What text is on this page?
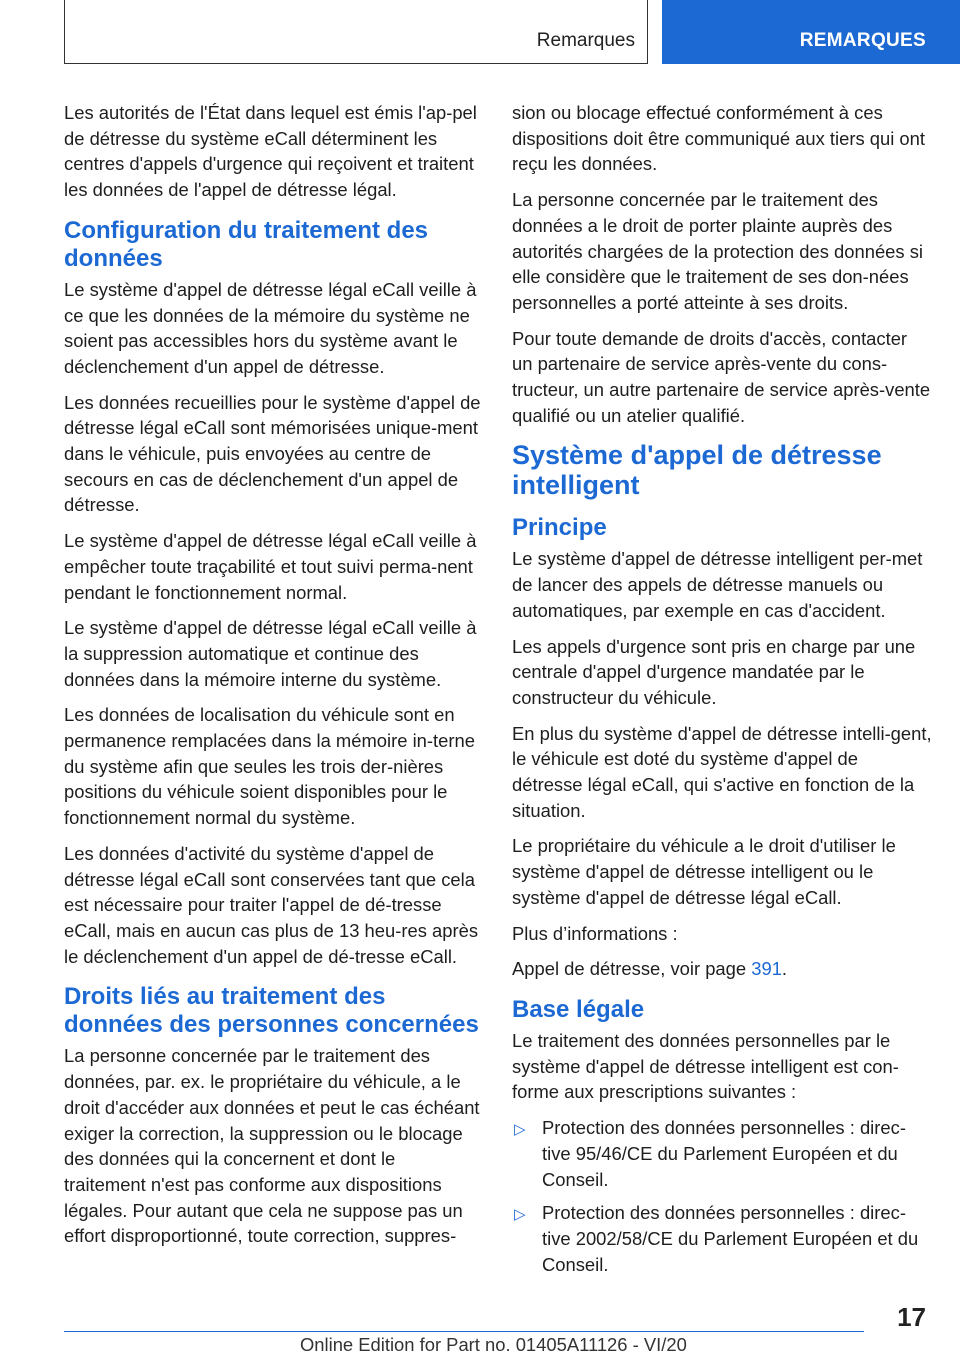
Remarques	REMARQUES

Les autorités de l'État dans lequel est émis l'ap‐pel de détresse du système eCall déterminent les centres d'appels d'urgence qui reçoivent et traitent les données de l'appel de détresse légal.

Configuration du traitement des données

Le système d'appel de détresse légal eCall veille à ce que les données de la mémoire du système ne soient pas accessibles hors du système avant le déclenchement d'un appel de détresse.

Les données recueillies pour le système d'appel de détresse légal eCall sont mémorisées unique‐ment dans le véhicule, puis envoyées au centre de secours en cas de déclenchement d'un appel de détresse.

Le système d'appel de détresse légal eCall veille à empêcher toute traçabilité et tout suivi perma‐nent pendant le fonctionnement normal.

Le système d'appel de détresse légal eCall veille à la suppression automatique et continue des données dans la mémoire interne du système.

Les données de localisation du véhicule sont en permanence remplacées dans la mémoire in‐terne du système afin que seules les trois der‐nières positions du véhicule soient disponibles pour le fonctionnement normal du système.

Les données d'activité du système d'appel de détresse légal eCall sont conservées tant que cela est nécessaire pour traiter l'appel de dé‐tresse eCall, mais en aucun cas plus de 13 heu‐res après le déclenchement d'un appel de dé‐tresse eCall.

Droits liés au traitement des données des personnes concernées

La personne concernée par le traitement des données, par. ex. le propriétaire du véhicule, a le droit d'accéder aux données et peut le cas échéant exiger la correction, la suppression ou le blocage des données qui la concernent et dont le traitement n'est pas conforme aux dispositions légales. Pour autant que cela ne suppose pas un effort disproportionné, toute correction, suppres‐

sion ou blocage effectué conformément à ces dispositions doit être communiqué aux tiers qui ont reçu les données.

La personne concernée par le traitement des données a le droit de porter plainte auprès des autorités chargées de la protection des données si elle considère que le traitement de ses don‐nées personnelles a porté atteinte à ses droits.

Pour toute demande de droits d'accès, contacter un partenaire de service après-vente du cons‐tructeur, un autre partenaire de service après-vente qualifié ou un atelier qualifié.

Système d'appel de détresse intelligent
Principe

Le système d'appel de détresse intelligent per‐met de lancer des appels de détresse manuels ou automatiques, par exemple en cas d'accident.

Les appels d'urgence sont pris en charge par une centrale d'appel d'urgence mandatée par le constructeur du véhicule.

En plus du système d'appel de détresse intelli‐gent, le véhicule est doté du système d'appel de détresse légal eCall, qui s'active en fonction de la situation.

Le propriétaire du véhicule a le droit d'utiliser le système d'appel de détresse intelligent ou le système d'appel de détresse légal eCall.

Plus d’informations :

Appel de détresse, voir page 391.

Base légale

Le traitement des données personnelles par le système d'appel de détresse intelligent est con‐forme aux prescriptions suivantes :

▷ Protection des données personnelles : direc‐tive 95/46/CE du Parlement Européen et du Conseil.
▷ Protection des données personnelles : direc‐tive 2002/58/CE du Parlement Européen et du Conseil.
17
Online Edition for Part no. 01405A11126 - VI/20
